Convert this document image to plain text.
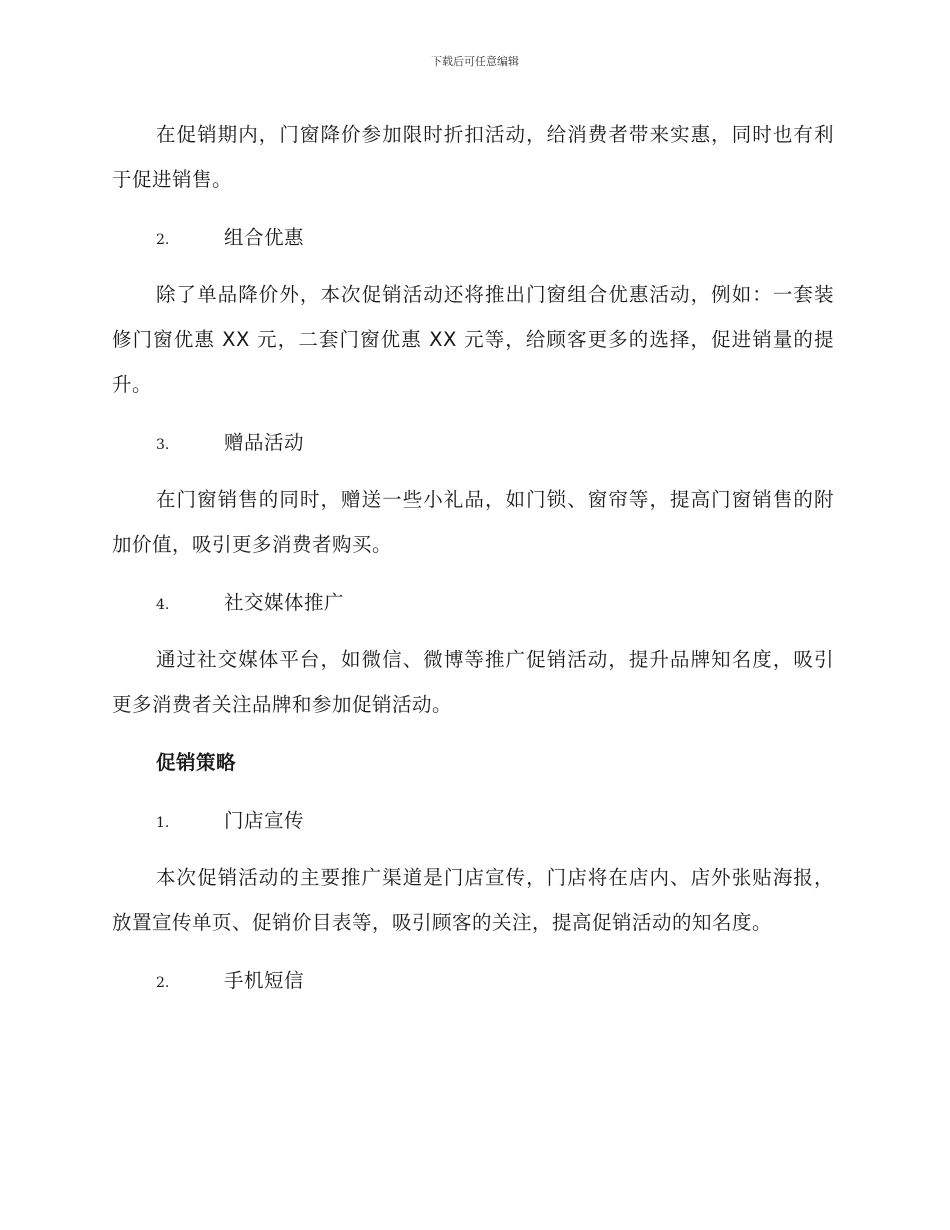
下载后可任意编辑

在促销期内，门窗降价参加限时折扣活动，给消费者带来实惠，同时也有利于促进销售。

2.	组合优惠

除了单品降价外，本次促销活动还将推出门窗组合优惠活动，例如：一套装修门窗优惠 XX 元，二套门窗优惠 XX 元等，给顾客更多的选择，促进销量的提升。

3.	赠品活动

在门窗销售的同时，赠送一些小礼品，如门锁、窗帘等，提高门窗销售的附加价值，吸引更多消费者购买。

4.	社交媒体推广

通过社交媒体平台，如微信、微博等推广促销活动，提升品牌知名度，吸引更多消费者关注品牌和参加促销活动。

促销策略
1.	门店宣传

本次促销活动的主要推广渠道是门店宣传，门店将在店内、店外张贴海报，放置宣传单页、促销价目表等，吸引顾客的关注，提高促销活动的知名度。

2.	手机短信
